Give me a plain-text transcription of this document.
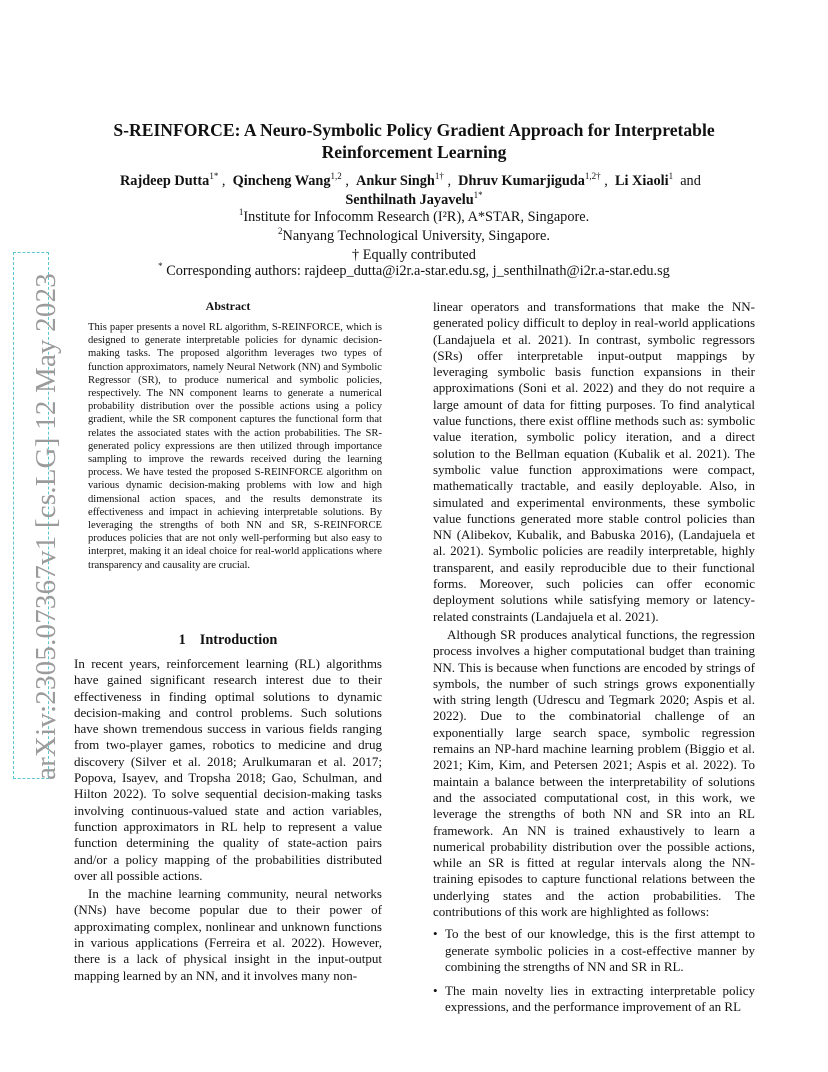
arXiv:2305.07367v1 [cs.LG] 12 May 2023
S-REINFORCE: A Neuro-Symbolic Policy Gradient Approach for Interpretable Reinforcement Learning
Rajdeep Dutta$^{1*}$ ,  Qincheng Wang$^{1,2}$ ,  Ankur Singh$^{1\dagger}$ ,  Dhruv Kumarjiguda$^{1,2\dagger}$ ,  Li Xiaoli$^1$  and   Senthilnath Jayavelu$^{1*}$
$^1$Institute for Infocomm Research (I²R), A*STAR, Singapore.
$^2$Nanyang Technological University, Singapore.
† Equally contributed
* Corresponding authors: rajdeep_dutta@i2r.a-star.edu.sg, j_senthilnath@i2r.a-star.edu.sg
Abstract
This paper presents a novel RL algorithm, S-REINFORCE, which is designed to generate interpretable policies for dynamic decision-making tasks. The proposed algorithm leverages two types of function approximators, namely Neural Network (NN) and Symbolic Regressor (SR), to produce numerical and symbolic policies, respectively. The NN component learns to generate a numerical probability distribution over the possible actions using a policy gradient, while the SR component captures the functional form that relates the associated states with the action probabilities. The SR-generated policy expressions are then utilized through importance sampling to improve the rewards received during the learning process. We have tested the proposed S-REINFORCE algorithm on various dynamic decision-making problems with low and high dimensional action spaces, and the results demonstrate its effectiveness and impact in achieving interpretable solutions. By leveraging the strengths of both NN and SR, S-REINFORCE produces policies that are not only well-performing but also easy to interpret, making it an ideal choice for real-world applications where transparency and causality are crucial.
1 Introduction

In recent years, reinforcement learning (RL) algorithms have gained significant research interest due to their effectiveness in finding optimal solutions to dynamic decision-making and control problems. Such solutions have shown tremendous success in various fields ranging from two-player games, robotics to medicine and drug discovery (Silver et al. 2018; Arulkumaran et al. 2017; Popova, Isayev, and Tropsha 2018; Gao, Schulman, and Hilton 2022). To solve sequential decision-making tasks involving continuous-valued state and action variables, function approximators in RL help to represent a value function determining the quality of state-action pairs and/or a policy mapping of the probabilities distributed over all possible actions.

In the machine learning community, neural networks (NNs) have become popular due to their power of approximating complex, nonlinear and unknown functions in various applications (Ferreira et al. 2022). However, there is a lack of physical insight in the input-output mapping learned by an NN, and it involves many non-

linear operators and transformations that make the NN-generated policy difficult to deploy in real-world applications (Landajuela et al. 2021). In contrast, symbolic regressors (SRs) offer interpretable input-output mappings by leveraging symbolic basis function expansions in their approximations (Soni et al. 2022) and they do not require a large amount of data for fitting purposes. To find analytical value functions, there exist offline methods such as: symbolic value iteration, symbolic policy iteration, and a direct solution to the Bellman equation (Kubalik et al. 2021). The symbolic value function approximations were compact, mathematically tractable, and easily deployable. Also, in simulated and experimental environments, these symbolic value functions generated more stable control policies than NN (Alibekov, Kubalik, and Babuska 2016), (Landajuela et al. 2021). Symbolic policies are readily interpretable, highly transparent, and easily reproducible due to their functional forms. Moreover, such policies can offer economic deployment solutions while satisfying memory or latency-related constraints (Landajuela et al. 2021).

Although SR produces analytical functions, the regression process involves a higher computational budget than training NN. This is because when functions are encoded by strings of symbols, the number of such strings grows exponentially with string length (Udrescu and Tegmark 2020; Aspis et al. 2022). Due to the combinatorial challenge of an exponentially large search space, symbolic regression remains an NP-hard machine learning problem (Biggio et al. 2021; Kim, Kim, and Petersen 2021; Aspis et al. 2022). To maintain a balance between the interpretability of solutions and the associated computational cost, in this work, we leverage the strengths of both NN and SR into an RL framework. An NN is trained exhaustively to learn a numerical probability distribution over the possible actions, while an SR is fitted at regular intervals along the NN-training episodes to capture functional relations between the underlying states and the action probabilities. The contributions of this work are highlighted as follows:

• To the best of our knowledge, this is the first attempt to generate symbolic policies in a cost-effective manner by combining the strengths of NN and SR in RL.
• The main novelty lies in extracting interpretable policy expressions, and the performance improvement of an RL
